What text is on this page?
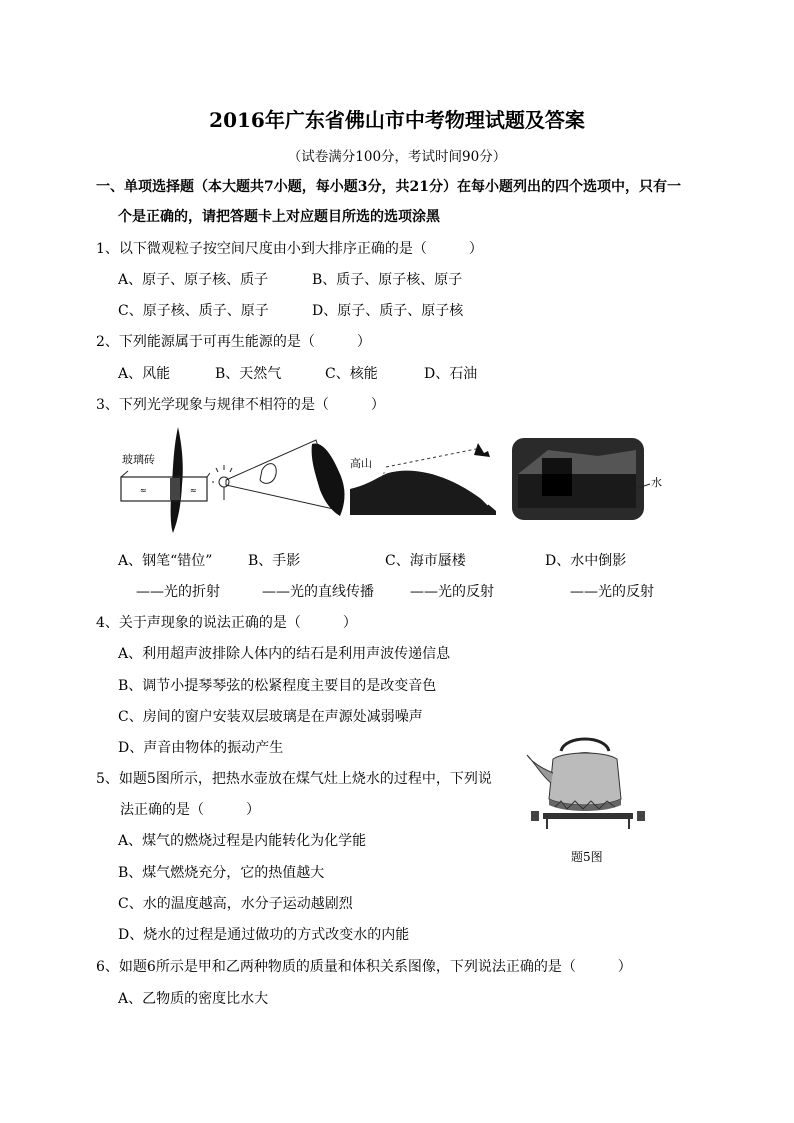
2016年广东省佛山市中考物理试题及答案
（试卷满分100分，考试时间90分）
一、单项选择题（本大题共7小题，每小题3分，共21分）在每小题列出的四个选项中，只有一
个是正确的，请把答题卡上对应题目所选的选项涂黑
1、以下微观粒子按空间尺度由小到大排序正确的是（　　　）
A、原子、原子核、质子	B、质子、原子核、原子
C、原子核、质子、原子	D、原子、质子、原子核
2、下列能源属于可再生能源的是（　　　）
A、风能	B、天然气	C、核能	D、石油
3、下列光学现象与规律不相符的是（　　　）
玻璃砖
≈	≈
高山
水
A、钢笔“错位”	B、手影	C、海市蜃楼	D、水中倒影
——光的折射	——光的直线传播	——光的反射	——光的反射
4、关于声现象的说法正确的是（　　　）
A、利用超声波排除人体内的结石是利用声波传递信息
B、调节小提琴琴弦的松紧程度主要目的是改变音色
C、房间的窗户安装双层玻璃是在声源处减弱噪声
D、声音由物体的振动产生
5、如题5图所示，把热水壶放在煤气灶上烧水的过程中，下列说
法正确的是（　　　）
A、煤气的燃烧过程是内能转化为化学能
B、煤气燃烧充分，它的热值越大
C、水的温度越高，水分子运动越剧烈
D、烧水的过程是通过做功的方式改变水的内能
题5图
6、如题6所示是甲和乙两种物质的质量和体积关系图像，下列说法正确的是（　　　）
A、乙物质的密度比水大
